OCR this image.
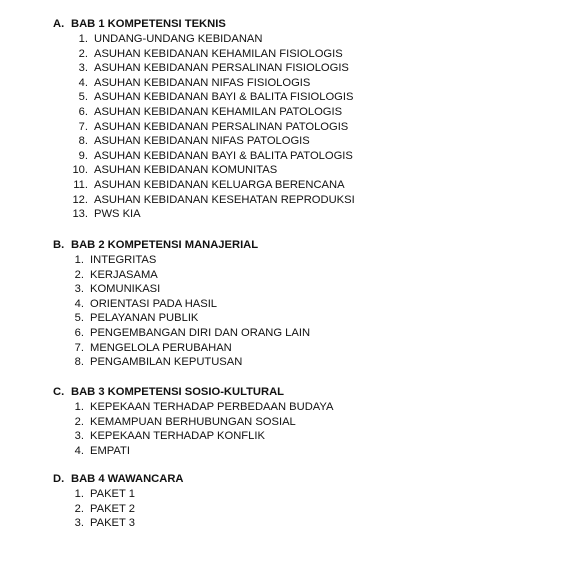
A. BAB 1 KOMPETENSI TEKNIS
1. UNDANG-UNDANG KEBIDANAN
2. ASUHAN KEBIDANAN KEHAMILAN FISIOLOGIS
3. ASUHAN KEBIDANAN PERSALINAN FISIOLOGIS
4. ASUHAN KEBIDANAN NIFAS FISIOLOGIS
5. ASUHAN KEBIDANAN BAYI & BALITA FISIOLOGIS
6. ASUHAN KEBIDANAN KEHAMILAN PATOLOGIS
7. ASUHAN KEBIDANAN PERSALINAN PATOLOGIS
8. ASUHAN KEBIDANAN NIFAS PATOLOGIS
9. ASUHAN KEBIDANAN BAYI & BALITA PATOLOGIS
10. ASUHAN KEBIDANAN KOMUNITAS
11. ASUHAN KEBIDANAN KELUARGA BERENCANA
12. ASUHAN KEBIDANAN KESEHATAN REPRODUKSI
13. PWS KIA
B. BAB 2 KOMPETENSI MANAJERIAL
1. INTEGRITAS
2. KERJASAMA
3. KOMUNIKASI
4. ORIENTASI PADA HASIL
5. PELAYANAN PUBLIK
6. PENGEMBANGAN DIRI DAN ORANG LAIN
7. MENGELOLA PERUBAHAN
8. PENGAMBILAN KEPUTUSAN
C. BAB 3 KOMPETENSI SOSIO-KULTURAL
1. KEPEKAAN TERHADAP PERBEDAAN BUDAYA
2. KEMAMPUAN BERHUBUNGAN SOSIAL
3. KEPEKAAN TERHADAP KONFLIK
4. EMPATI
D. BAB 4 WAWANCARA
1. PAKET 1
2. PAKET 2
3. PAKET 3
